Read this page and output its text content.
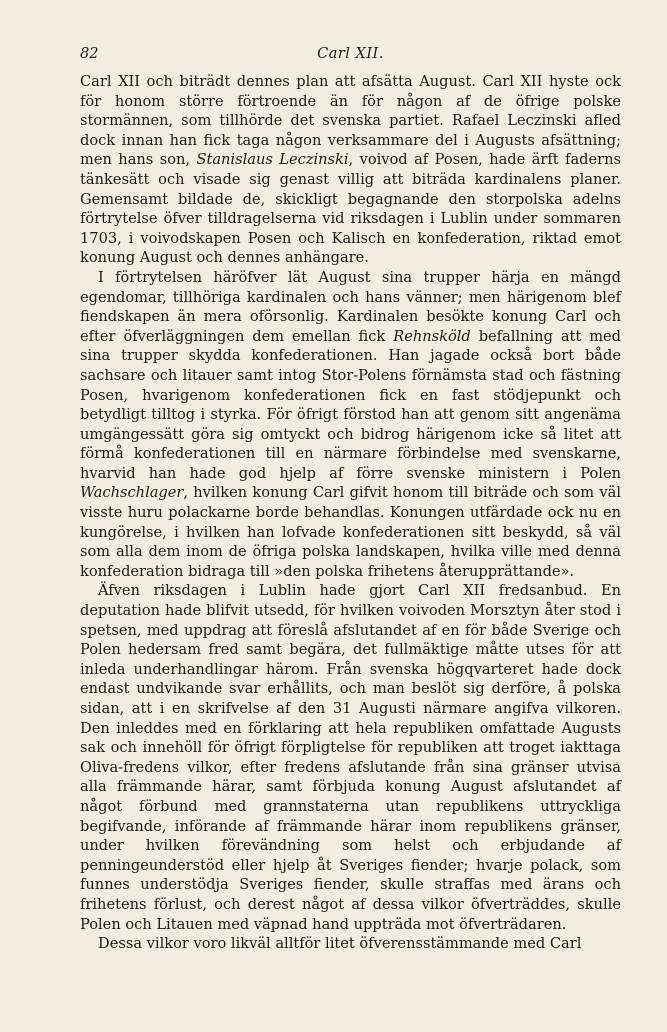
82	Carl XII.

Carl XII och biträdt dennes plan att afsätta August. Carl XII hyste ock för honom större förtroende än för någon af de öfrige polske stormännen, som tillhörde det svenska partiet. Rafael Leczinski afled dock innan han fick taga någon verksammare del i Augusts afsättning; men hans son, Stanislaus Leczinski, voivod af Posen, hade ärft faderns tänkesätt och visade sig genast villig att biträda kardinalens planer. Gemensamt bildade de, skickligt begagnande den storpolska adelns förtrytelse öfver tilldragelserna vid riksdagen i Lublin under sommaren 1703, i voivodskapen Posen och Kalisch en konfederation, riktad emot konung August och dennes anhängare.

I förtrytelsen häröfver lät August sina trupper härja en mängd egendomar, tillhöriga kardinalen och hans vänner; men härigenom blef fiendskapen än mera oförsonlig. Kardinalen besökte konung Carl och efter öfverläggningen dem emellan fick Rehnsköld befallning att med sina trupper skydda konfederationen. Han jagade också bort både sachsare och litauer samt intog Stor-Polens förnämsta stad och fästning Posen, hvarigenom konfederationen fick en fast stödjepunkt och betydligt tilltog i styrka. För öfrigt förstod han att genom sitt angenäma umgängessätt göra sig omtyckt och bidrog härigenom icke så litet att förmå konfederationen till en närmare förbindelse med svenskarne, hvarvid han hade god hjelp af förre svenske ministern i Polen Wachschlager, hvilken konung Carl gifvit honom till biträde och som väl visste huru polackarne borde behandlas. Konungen utfärdade ock nu en kungörelse, i hvilken han lofvade konfederationen sitt beskydd, så väl som alla dem inom de öfriga polska landskapen, hvilka ville med denna konfederation bidraga till »den polska frihetens återupprättande».

Äfven riksdagen i Lublin hade gjort Carl XII fredsanbud. En deputation hade blifvit utsedd, för hvilken voivoden Morsztyn åter stod i spetsen, med uppdrag att föreslå afslutandet af en för både Sverige och Polen hedersam fred samt begära, det fullmäktige måtte utses för att inleda underhandlingar härom. Från svenska högqvarteret hade dock endast undvikande svar erhållits, och man beslöt sig derföre, å polska sidan, att i en skrifvelse af den 31 Augusti närmare angifva vilkoren. Den inleddes med en förklaring att hela republiken omfattade Augusts sak och innehöll för öfrigt förpligtelse för republiken att troget iakttaga Oliva-fredens vilkor, efter fredens afslutande från sina gränser utvisa alla främmande härar, samt förbjuda konung August afslutandet af något förbund med grannstaterna utan republikens uttryckliga begifvande, införande af främmande härar inom republikens gränser, under hvilken förevändning som helst och erbjudande af penningeunderstöd eller hjelp åt Sveriges fiender; hvarje polack, som funnes understödja Sveriges fiender, skulle straffas med ärans och frihetens förlust, och derest något af dessa vilkor öfverträddes, skulle Polen och Litauen med väpnad hand uppträda mot öfverträdaren.

Dessa vilkor voro likväl alltför litet öfverensstämmande med Carl
